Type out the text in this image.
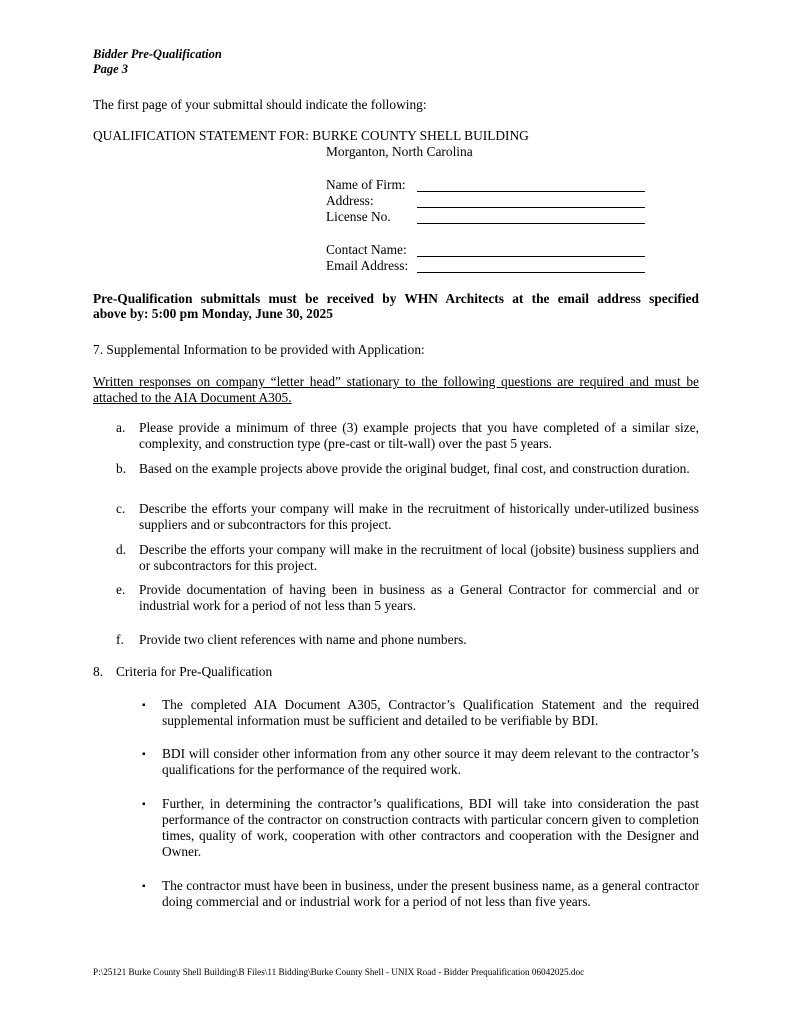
Bidder Pre-Qualification
Page 3
The first page of your submittal should indicate the following:
QUALIFICATION STATEMENT FOR: BURKE COUNTY SHELL BUILDING
Morganton, North Carolina
Name of Firm:
Address:
License No.
Contact Name:
Email Address:
Pre-Qualification submittals must be received by WHN Architects at the email address specified
above by: 5:00 pm Monday, June 30, 2025
7. Supplemental Information to be provided with Application:
Written responses on company “letter head” stationary to the following questions are required and must be attached to the AIA Document A305.
a. Please provide a minimum of three (3) example projects that you have completed of a similar size, complexity, and construction type (pre-cast or tilt-wall) over the past 5 years.
b. Based on the example projects above provide the original budget, final cost, and construction duration.
c. Describe the efforts your company will make in the recruitment of historically under-utilized business suppliers and or subcontractors for this project.
d. Describe the efforts your company will make in the recruitment of local (jobsite) business suppliers and or subcontractors for this project.
e. Provide documentation of having been in business as a General Contractor for commercial and or industrial work for a period of not less than 5 years.
f. Provide two client references with name and phone numbers.
8. Criteria for Pre-Qualification
▪ The completed AIA Document A305, Contractor’s Qualification Statement and the required supplemental information must be sufficient and detailed to be verifiable by BDI.
▪ BDI will consider other information from any other source it may deem relevant to the contractor’s qualifications for the performance of the required work.
▪ Further, in determining the contractor’s qualifications, BDI will take into consideration the past performance of the contractor on construction contracts with particular concern given to completion times, quality of work, cooperation with other contractors and cooperation with the Designer and Owner.
▪ The contractor must have been in business, under the present business name, as a general contractor doing commercial and or industrial work for a period of not less than five years.
P:\25121 Burke County Shell Building\B Files\11 Bidding\Burke County Shell - UNIX Road - Bidder Prequalification 06042025.doc
